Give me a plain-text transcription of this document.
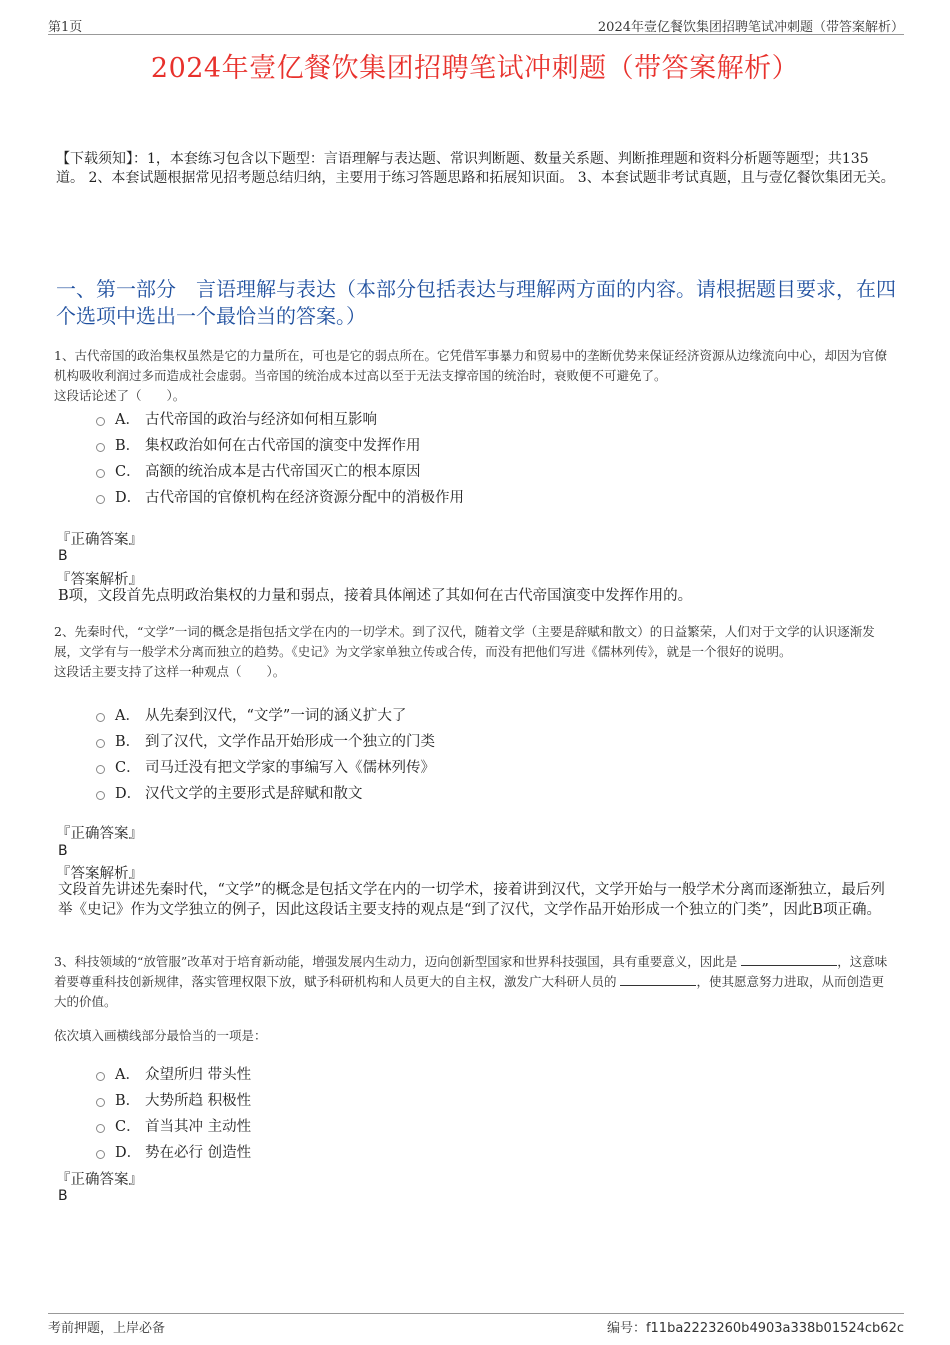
第1页	2024年壹亿餐饮集团招聘笔试冲刺题（带答案解析）
2024年壹亿餐饮集团招聘笔试冲刺题（带答案解析）
【下载须知】：1，本套练习包含以下题型：言语理解与表达题、常识判断题、数量关系题、判断推理题和资料分析题等题型；共135道。 2、本套试题根据常见招考题总结归纳，主要用于练习答题思路和拓展知识面。 3、本套试题非考试真题，且与壹亿餐饮集团无关。
一、第一部分　言语理解与表达（本部分包括表达与理解两方面的内容。请根据题目要求，在四个选项中选出一个最恰当的答案。）
1、古代帝国的政治集权虽然是它的力量所在，可也是它的弱点所在。它凭借军事暴力和贸易中的垄断优势来保证经济资源从边缘流向中心，却因为官僚机构吸收利润过多而造成社会虚弱。当帝国的统治成本过高以至于无法支撑帝国的统治时，衰败便不可避免了。
这段话论述了（　　）。
A． 古代帝国的政治与经济如何相互影响
B． 集权政治如何在古代帝国的演变中发挥作用
C． 高额的统治成本是古代帝国灭亡的根本原因
D． 古代帝国的官僚机构在经济资源分配中的消极作用
『正确答案』
B
『答案解析』
B项，文段首先点明政治集权的力量和弱点，接着具体阐述了其如何在古代帝国演变中发挥作用的。
2、先秦时代，“文学”一词的概念是指包括文学在内的一切学术。到了汉代，随着文学（主要是辞赋和散文）的日益繁荣，人们对于文学的认识逐渐发展，文学有与一般学术分离而独立的趋势。《史记》为文学家单独立传或合传，而没有把他们写进《儒林列传》，就是一个很好的说明。
这段话主要支持了这样一种观点（　　）。
A． 从先秦到汉代，“文学”一词的涵义扩大了
B． 到了汉代，文学作品开始形成一个独立的门类
C． 司马迁没有把文学家的事编写入《儒林列传》
D． 汉代文学的主要形式是辞赋和散文
『正确答案』
B
『答案解析』
文段首先讲述先秦时代，“文学”的概念是包括文学在内的一切学术，接着讲到汉代，文学开始与一般学术分离而逐渐独立，最后列举《史记》作为文学独立的例子，因此这段话主要支持的观点是“到了汉代，文学作品开始形成一个独立的门类”，因此B项正确。
3、科技领域的“放管服”改革对于培育新动能，增强发展内生动力，迈向创新型国家和世界科技强国，具有重要意义，因此是	，这意味着要尊重科技创新规律，落实管理权限下放，赋予科研机构和人员更大的自主权，激发广大科研人员的	，使其愿意努力进取，从而创造更大的价值。
依次填入画横线部分最恰当的一项是：
A． 众望所归 带头性
B． 大势所趋 积极性
C． 首当其冲 主动性
D． 势在必行 创造性
『正确答案』
B
考前押题，上岸必备	编号：f11ba2223260b4903a338b01524cb62c
